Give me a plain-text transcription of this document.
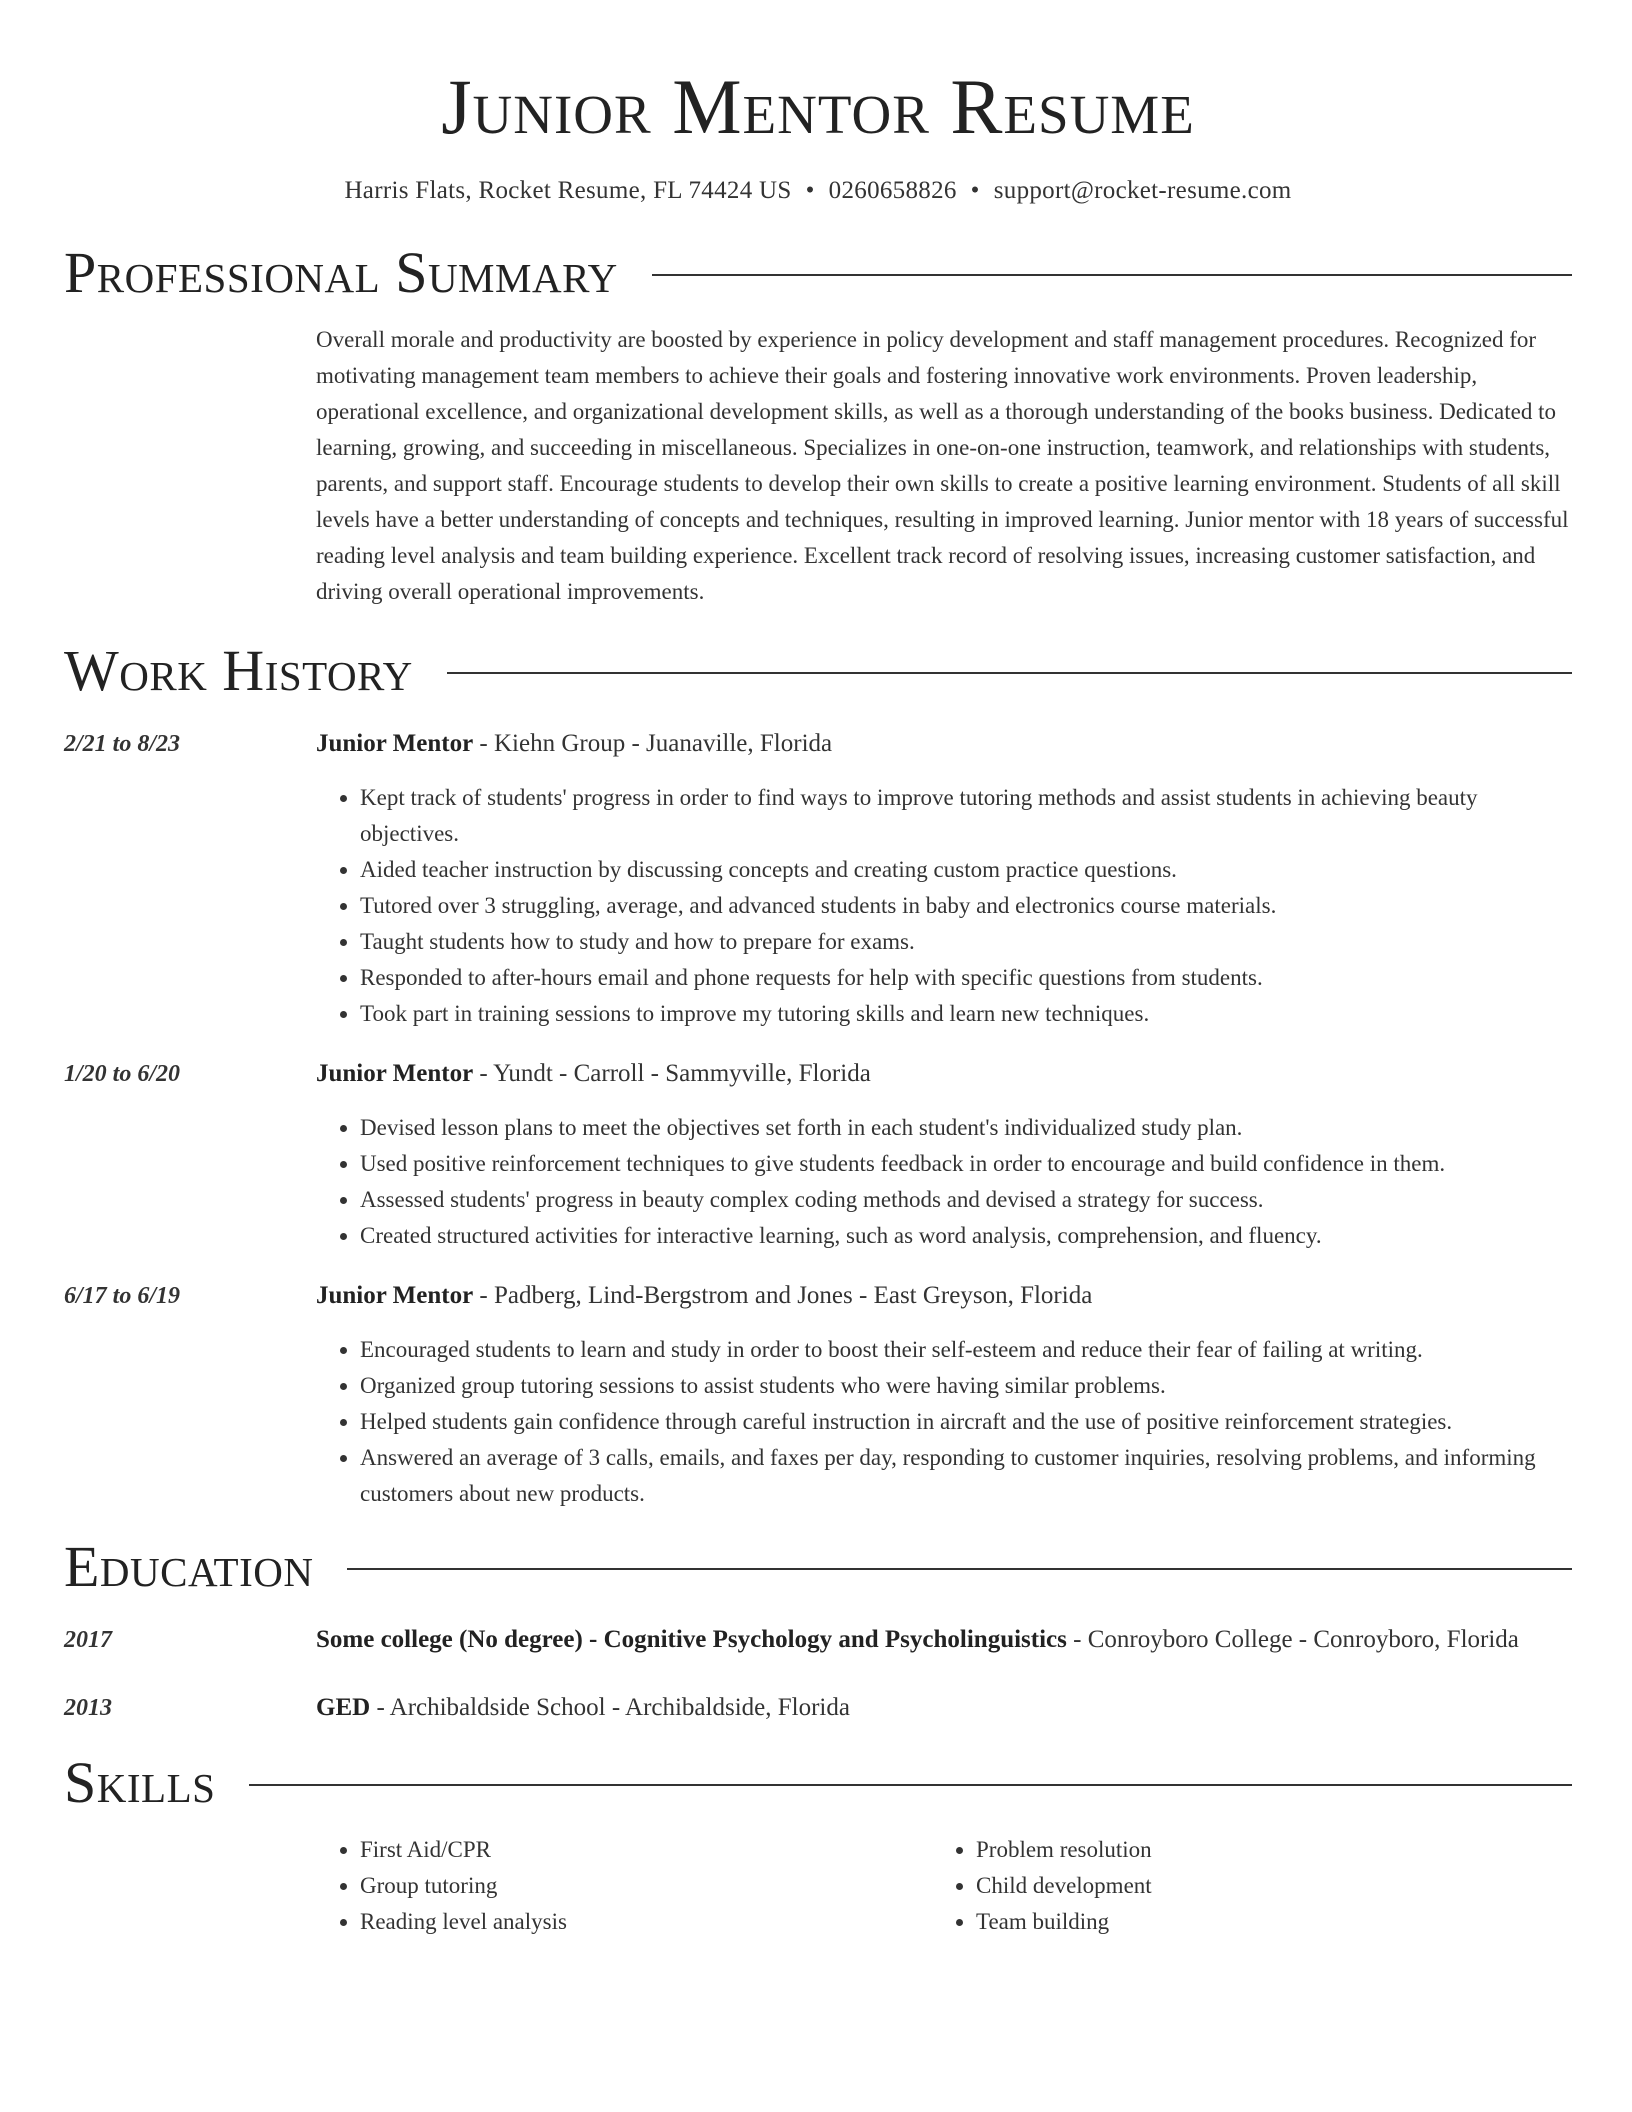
Junior Mentor Resume
Harris Flats, Rocket Resume, FL 74424 US • 0260658826 • support@rocket-resume.com
Professional Summary
Overall morale and productivity are boosted by experience in policy development and staff management procedures. Recognized for motivating management team members to achieve their goals and fostering innovative work environments. Proven leadership, operational excellence, and organizational development skills, as well as a thorough understanding of the books business. Dedicated to learning, growing, and succeeding in miscellaneous. Specializes in one-on-one instruction, teamwork, and relationships with students, parents, and support staff. Encourage students to develop their own skills to create a positive learning environment. Students of all skill levels have a better understanding of concepts and techniques, resulting in improved learning. Junior mentor with 18 years of successful reading level analysis and team building experience. Excellent track record of resolving issues, increasing customer satisfaction, and driving overall operational improvements.
Work History
2/21 to 8/23	Junior Mentor - Kiehn Group - Juanaville, Florida
• Kept track of students' progress in order to find ways to improve tutoring methods and assist students in achieving beauty objectives.
• Aided teacher instruction by discussing concepts and creating custom practice questions.
• Tutored over 3 struggling, average, and advanced students in baby and electronics course materials.
• Taught students how to study and how to prepare for exams.
• Responded to after-hours email and phone requests for help with specific questions from students.
• Took part in training sessions to improve my tutoring skills and learn new techniques.
1/20 to 6/20	Junior Mentor - Yundt - Carroll - Sammyville, Florida
• Devised lesson plans to meet the objectives set forth in each student's individualized study plan.
• Used positive reinforcement techniques to give students feedback in order to encourage and build confidence in them.
• Assessed students' progress in beauty complex coding methods and devised a strategy for success.
• Created structured activities for interactive learning, such as word analysis, comprehension, and fluency.
6/17 to 6/19	Junior Mentor - Padberg, Lind-Bergstrom and Jones - East Greyson, Florida
• Encouraged students to learn and study in order to boost their self-esteem and reduce their fear of failing at writing.
• Organized group tutoring sessions to assist students who were having similar problems.
• Helped students gain confidence through careful instruction in aircraft and the use of positive reinforcement strategies.
• Answered an average of 3 calls, emails, and faxes per day, responding to customer inquiries, resolving problems, and informing customers about new products.
Education
2017	Some college (No degree) - Cognitive Psychology and Psycholinguistics - Conroyboro College - Conroyboro, Florida
2013	GED - Archibaldside School - Archibaldside, Florida
Skills
• First Aid/CPR
• Group tutoring
• Reading level analysis
• Problem resolution
• Child development
• Team building
